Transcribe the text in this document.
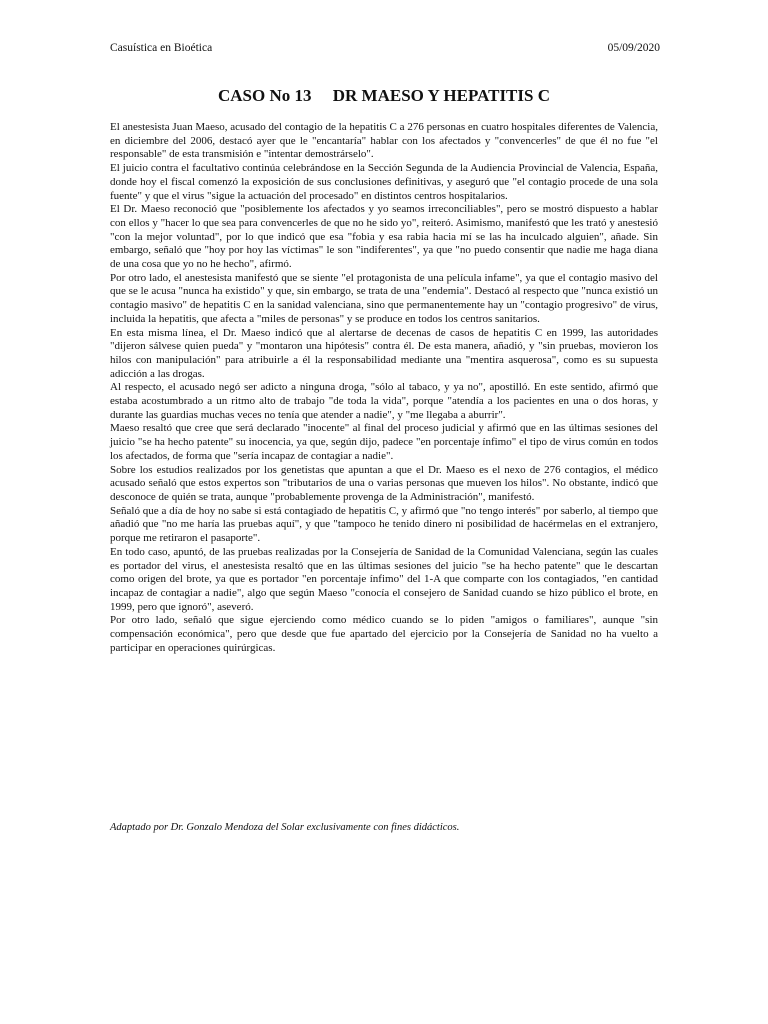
Casuística en Bioética	05/09/2020
CASO No 13     DR MAESO Y HEPATITIS C

El anestesista Juan Maeso, acusado del contagio de la hepatitis C a 276 personas en cuatro hospitales diferentes de Valencia, en diciembre del 2006, destacó ayer que le "encantaría" hablar con los afectados y "convencerles" de que él no fue "el responsable" de esta transmisión e "intentar demostrárselo".

El juicio contra el facultativo continúa celebrándose en la Sección Segunda de la Audiencia Provincial de Valencia, España, donde hoy el fiscal comenzó la exposición de sus conclusiones definitivas, y aseguró que "el contagio procede de una sola fuente" y que el virus "sigue la actuación del procesado" en distintos centros hospitalarios.

El Dr. Maeso reconoció que "posiblemente los afectados y yo seamos irreconciliables", pero se mostró dispuesto a hablar con ellos y "hacer lo que sea para convencerles de que no he sido yo", reiteró. Asimismo, manifestó que les trató y anestesió "con la mejor voluntad", por lo que indicó que esa "fobia y esa rabia hacia mí se las ha inculcado alguien", añade. Sin embargo, señaló que "hoy por hoy las víctimas" le son "indiferentes", ya que "no puedo consentir que nadie me haga diana de una cosa que yo no he hecho", afirmó.

Por otro lado, el anestesista manifestó que se siente "el protagonista de una película infame", ya que el contagio masivo del que se le acusa "nunca ha existido" y que, sin embargo, se trata de una "endemia". Destacó al respecto que "nunca existió un contagio masivo" de hepatitis C en la sanidad valenciana, sino que permanentemente hay un "contagio progresivo" de virus, incluida la hepatitis, que afecta a "miles de personas" y se produce en todos los centros sanitarios.

En esta misma línea, el Dr. Maeso indicó que al alertarse de decenas de casos de hepatitis C en 1999, las autoridades "dijeron sálvese quien pueda" y "montaron una hipótesis" contra él. De esta manera, añadió, y "sin pruebas, movieron los hilos con manipulación" para atribuirle a él la responsabilidad mediante una "mentira asquerosa", como es su supuesta adicción a las drogas.

Al respecto, el acusado negó ser adicto a ninguna droga, "sólo al tabaco, y ya no", apostilló. En este sentido, afirmó que estaba acostumbrado a un ritmo alto de trabajo "de toda la vida", porque "atendía a los pacientes en una o dos horas, y durante las guardias muchas veces no tenía que atender a nadie", y "me llegaba a aburrir".

Maeso resaltó que cree que será declarado "inocente" al final del proceso judicial y afirmó que en las últimas sesiones del juicio "se ha hecho patente" su inocencia, ya que, según dijo, padece "en porcentaje ínfimo" el tipo de virus común en todos los afectados, de forma que "sería incapaz de contagiar a nadie".

Sobre los estudios realizados por los genetistas que apuntan a que el Dr. Maeso es el nexo de 276 contagios, el médico acusado señaló que estos expertos son "tributarios de una o varias personas que mueven los hilos". No obstante, indicó que desconoce de quién se trata, aunque "probablemente provenga de la Administración", manifestó.

Señaló que a día de hoy no sabe si está contagiado de hepatitis C, y afirmó que "no tengo interés" por saberlo, al tiempo que añadió que "no me haría las pruebas aquí", y que "tampoco he tenido dinero ni posibilidad de hacérmelas en el extranjero, porque me retiraron el pasaporte".

En todo caso, apuntó, de las pruebas realizadas por la Consejería de Sanidad de la Comunidad Valenciana, según las cuales es portador del virus, el anestesista resaltó que en las últimas sesiones del juicio "se ha hecho patente" que le descartan como origen del brote, ya que es portador "en porcentaje ínfimo" del 1-A que comparte con los contagiados, "en cantidad incapaz de contagiar a nadie", algo que según Maeso "conocía el consejero de Sanidad cuando se hizo público el brote, en 1999, pero que ignoró", aseveró.

Por otro lado, señaló que sigue ejerciendo como médico cuando se lo piden "amigos o familiares", aunque "sin compensación económica", pero que desde que fue apartado del ejercicio por la Consejería de Sanidad no ha vuelto a participar en operaciones quirúrgicas.

Adaptado por Dr. Gonzalo Mendoza del Solar exclusivamente con fines didácticos.
